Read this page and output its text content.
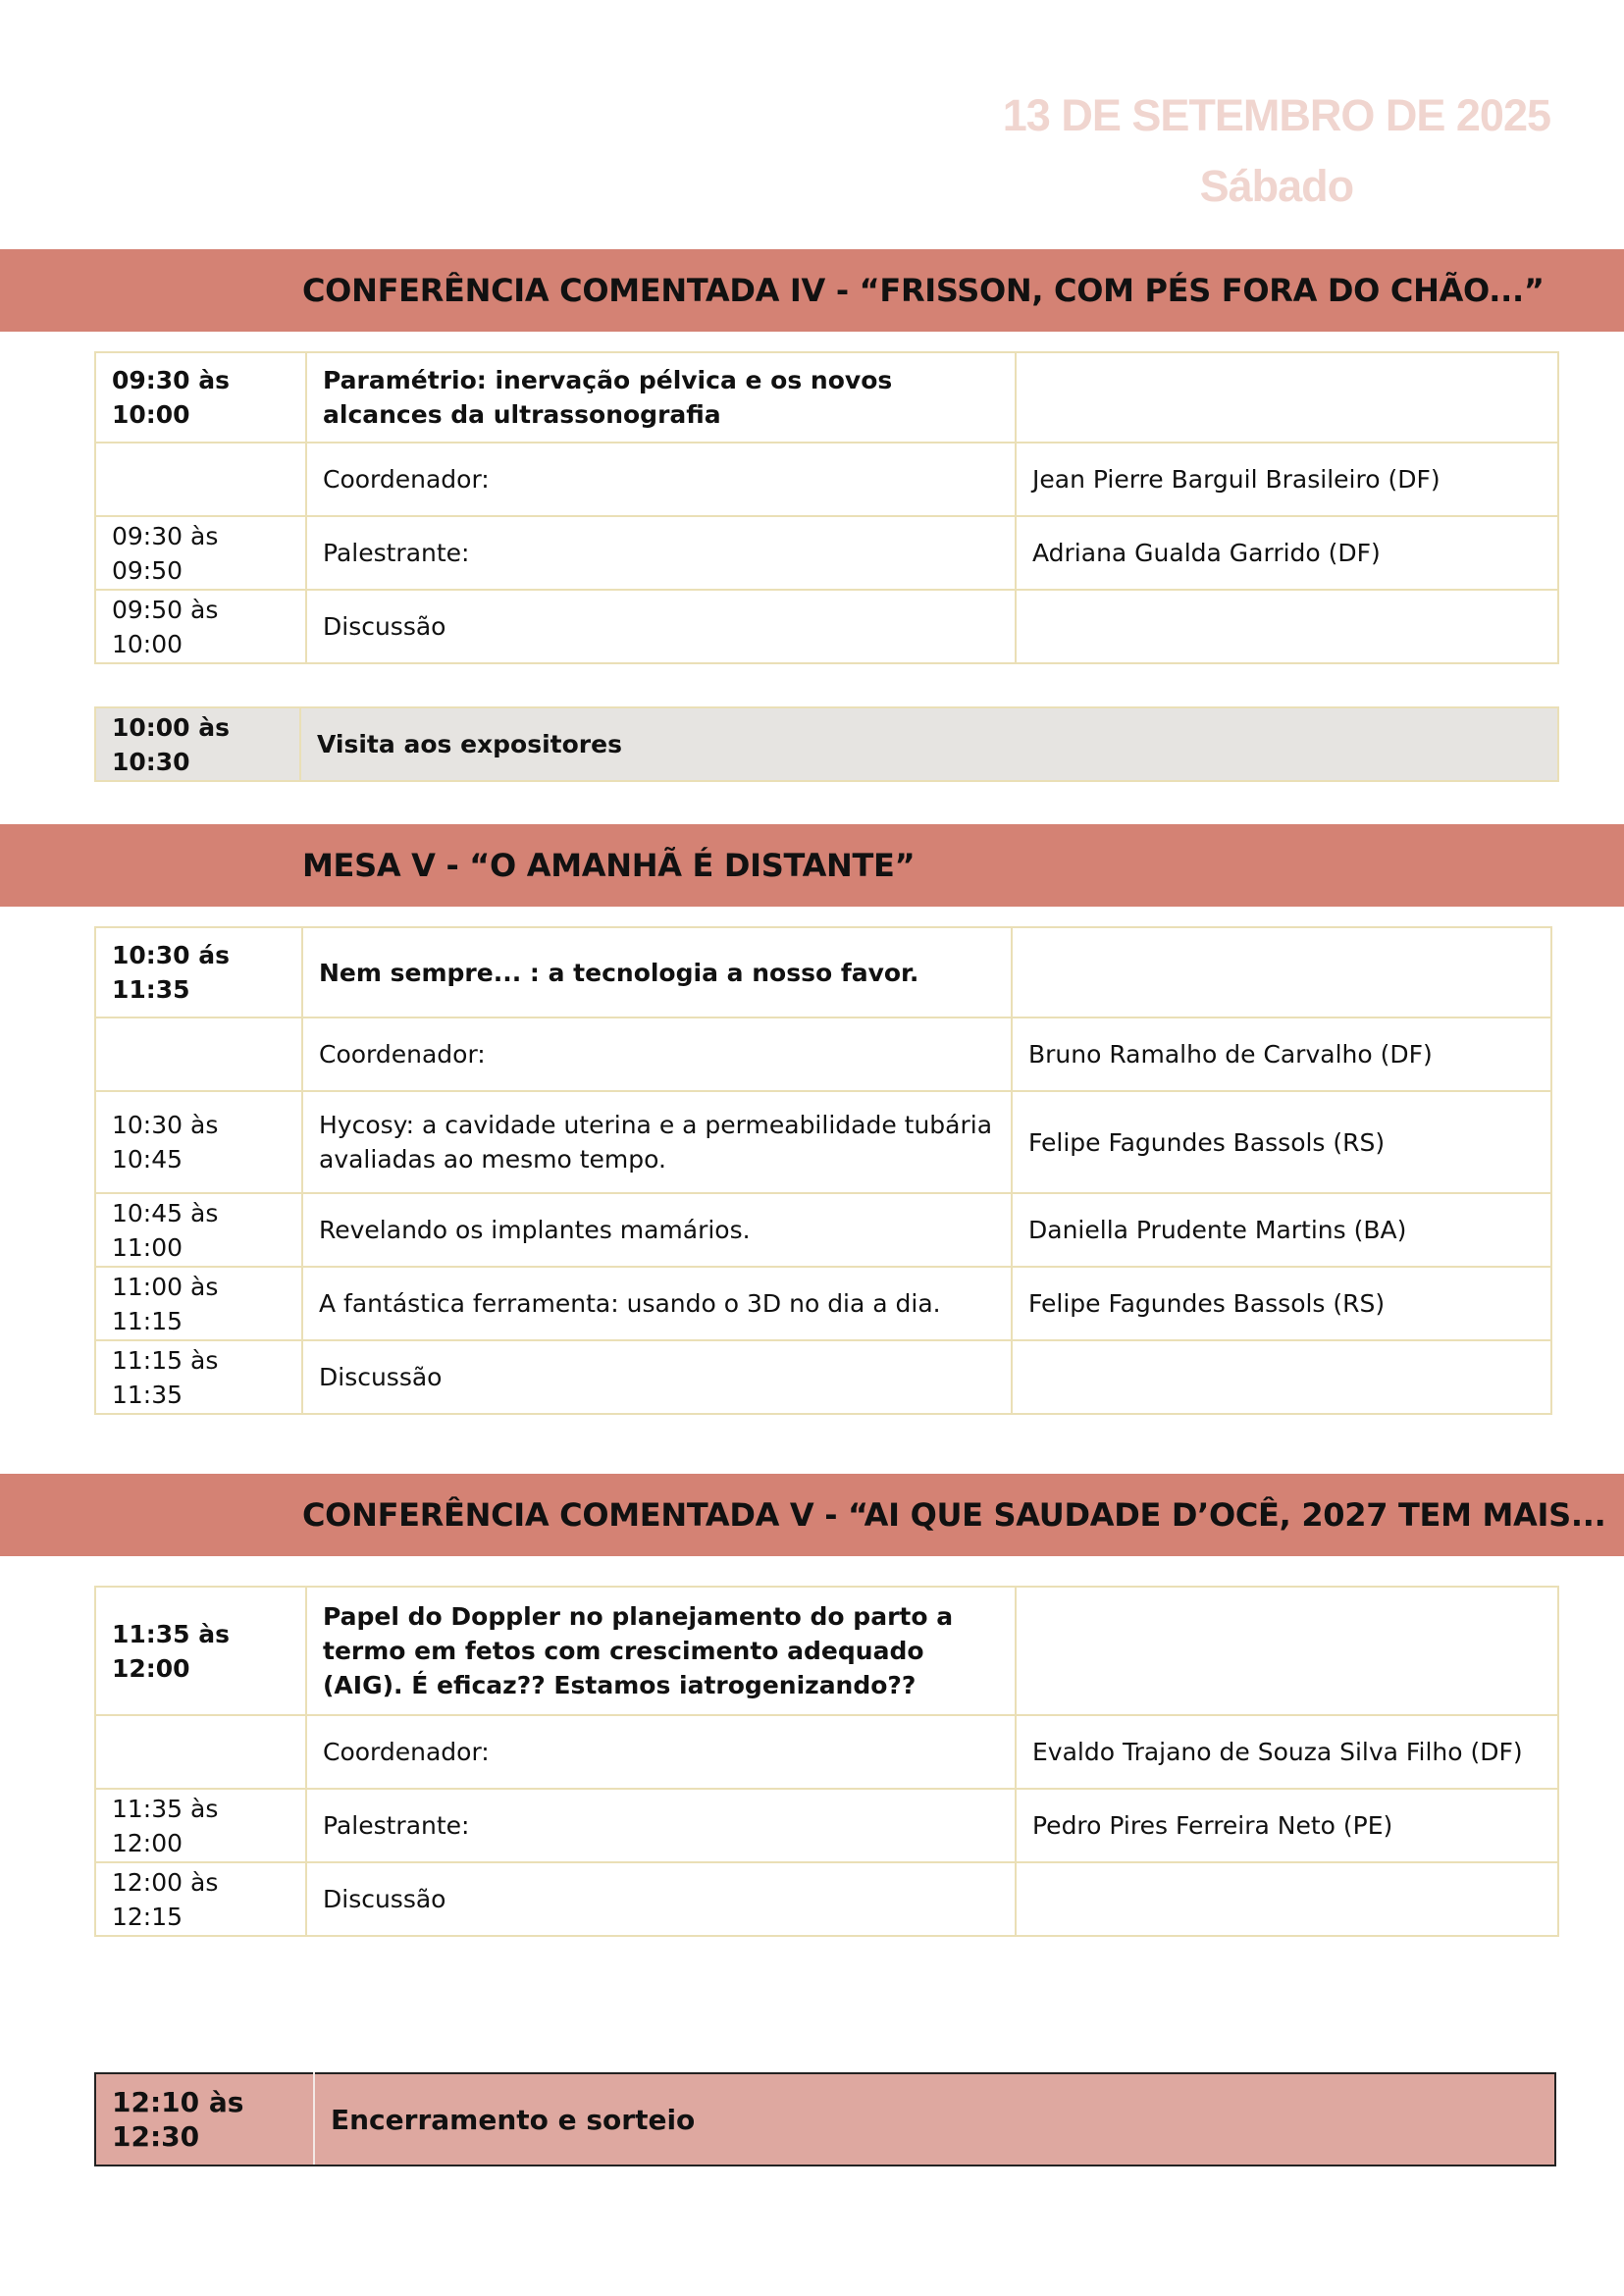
13 DE SETEMBRO DE 2025
Sábado
CONFERÊNCIA COMENTADA IV - “FRISSON, COM PÉS FORA DO CHÃO...”
09:30 às 10:00	Paramétrio: inervação pélvica e os novos alcances da ultrassonografia	
	Coordenador:	Jean Pierre Barguil Brasileiro (DF)
09:30 às 09:50	Palestrante:	Adriana Gualda Garrido (DF)
09:50 às 10:00	Discussão	
10:00 às 10:30	Visita aos expositores
MESA V - “O AMANHÃ É DISTANTE”
10:30 ás 11:35	Nem sempre... : a tecnologia a nosso favor.	
	Coordenador:	Bruno Ramalho de Carvalho (DF)
10:30 às 10:45	Hycosy: a cavidade uterina e a permeabilidade tubária avaliadas ao mesmo tempo.	Felipe Fagundes Bassols (RS)
10:45 às 11:00	Revelando os implantes mamários.	Daniella Prudente Martins (BA)
11:00 às 11:15	A fantástica ferramenta: usando o 3D no dia a dia.	Felipe Fagundes Bassols (RS)
11:15 às 11:35	Discussão	
CONFERÊNCIA COMENTADA V - “AI QUE SAUDADE D’OCÊ, 2027 TEM MAIS...
11:35 às 12:00	Papel do Doppler no planejamento do parto a termo em fetos com crescimento adequado (AIG). É eficaz?? Estamos iatrogenizando??	
	Coordenador:	Evaldo Trajano de Souza Silva Filho (DF)
11:35 às 12:00	Palestrante:	Pedro Pires Ferreira Neto (PE)
12:00 às 12:15	Discussão	
12:10 às 12:30	Encerramento e sorteio
